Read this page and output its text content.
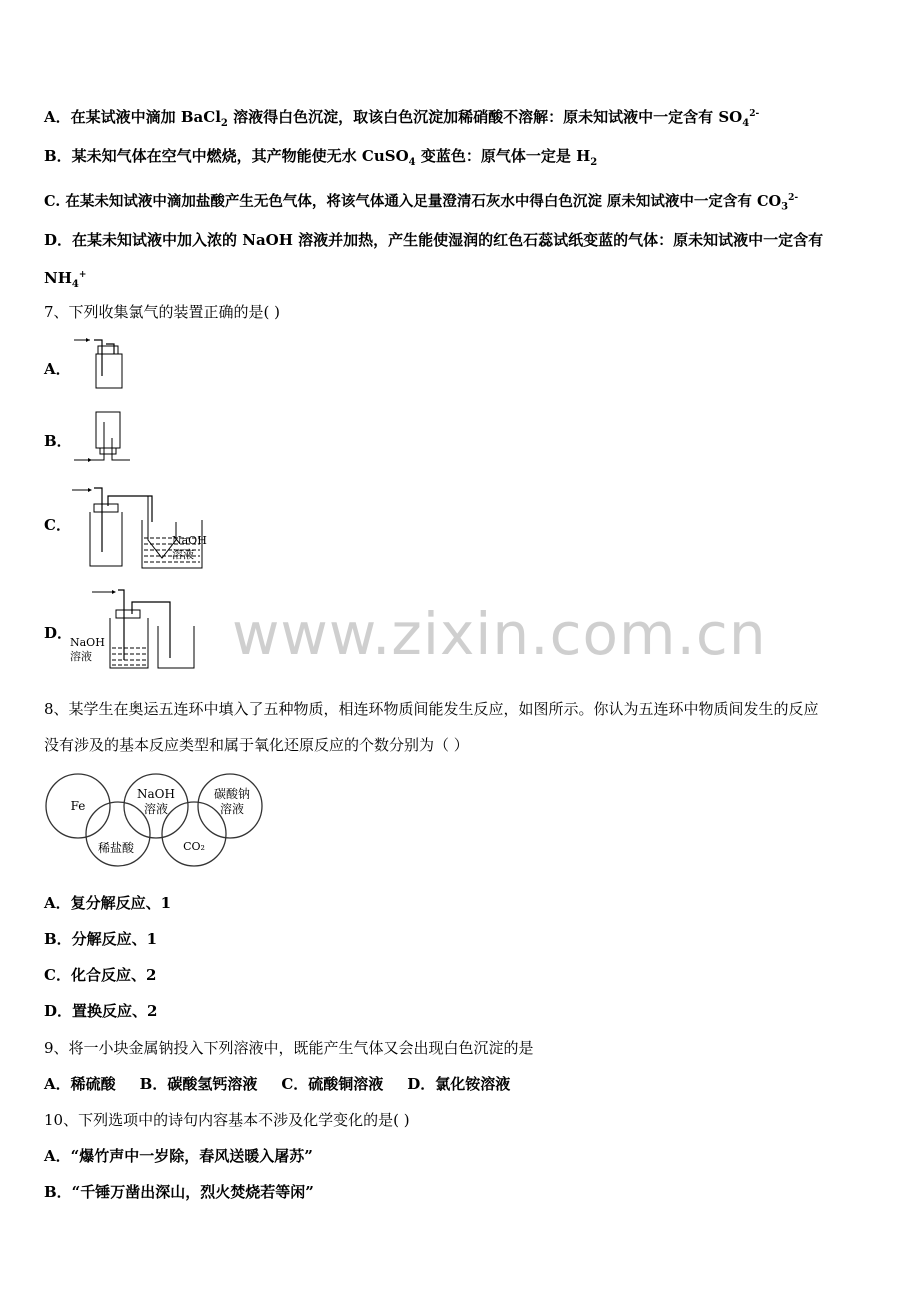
A．在某试液中滴加 BaCl$_2$ 溶液得白色沉淀，取该白色沉淀加稀硝酸不溶解：原未知试液中一定含有 $SO_4^{2-}$
B．某未知气体在空气中燃烧，其产物能使无水 CuSO$_4$ 变蓝色：原气体一定是 $H_2$
C. 在某未知试液中滴加盐酸产生无色气体，将该气体通入足量澄清石灰水中得白色沉淀 原未知试液中一定含有 $CO_3^{2-}$
D．在某未知试液中加入浓的 NaOH 溶液并加热，产生能使湿润的红色石蕊试纸变蓝的气体：原未知试液中一定含有
$NH_4^+$
7、下列收集氯气的装置正确的是( )
A．
B．
C．
NaOH
溶液
D．
NaOH
溶液 www.zixin.com.cn
8、某学生在奥运五连环中填入了五种物质，相连环物质间能发生反应，如图所示。你认为五连环中物质间发生的反应
没有涉及的基本反应类型和属于氧化还原反应的个数分别为（ ）
Fe
NaOH
溶液
碳酸钠
溶液
稀盐酸	CO₂
A．复分解反应、1
B．分解反应、1
C．化合反应、2
D．置换反应、2
9、将一小块金属钠投入下列溶液中，既能产生气体又会出现白色沉淀的是
A．稀硫酸 B．碳酸氢钙溶液 C．硫酸铜溶液 D．氯化铵溶液
10、下列选项中的诗句内容基本不涉及化学变化的是( )
A．“爆竹声中一岁除，春风送暖入屠苏”
B．“千锤万凿出深山，烈火焚烧若等闲”
